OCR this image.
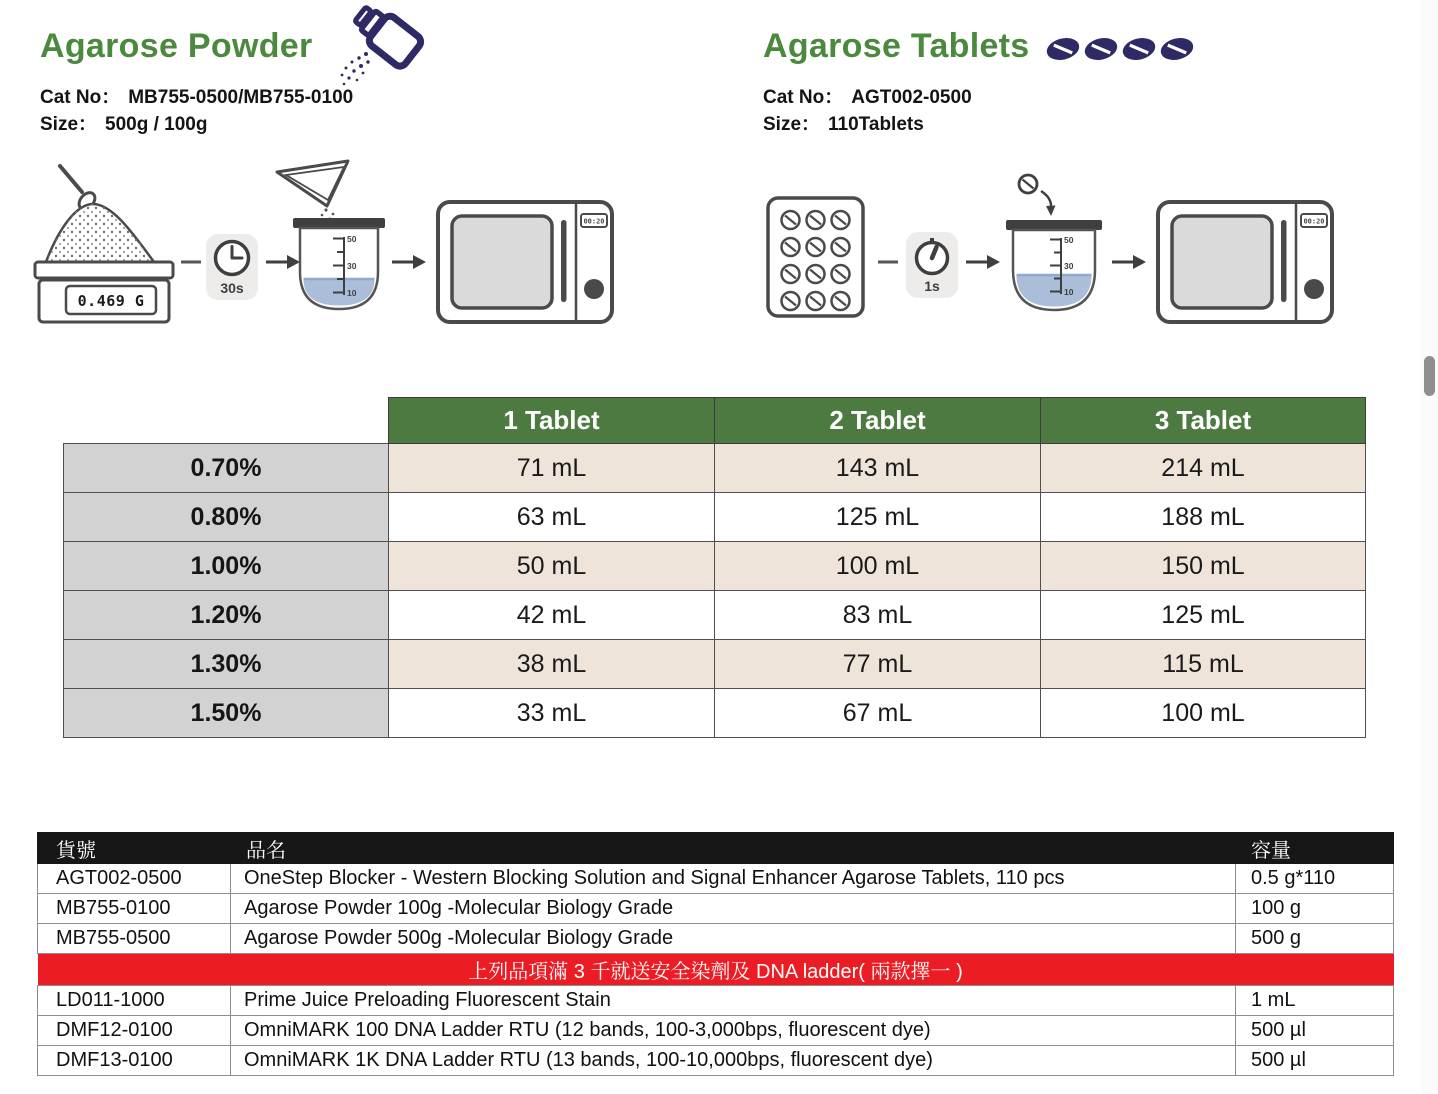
Agarose Powder
Cat No： MB755-0500/MB755-0100
Size： 500g / 100g
Agarose Tablets
Cat No： AGT002-0500
Size： 110Tablets
0.469 G
30s
50
30
10
00:20
1s
50
30
10
00:20
	1 Tablet	2 Tablet	3 Tablet
0.70%	71 mL	143 mL	214 mL
0.80%	63 mL	125 mL	188 mL
1.00%	50 mL	100 mL	150 mL
1.20%	42 mL	83 mL	125 mL
1.30%	38 mL	77 mL	115 mL
1.50%	33 mL	67 mL	100 mL
貨號	品名	容量
AGT002-0500	OneStep Blocker - Western Blocking Solution and Signal Enhancer Agarose Tablets, 110 pcs	0.5 g*110
MB755-0100	Agarose Powder 100g -Molecular Biology Grade	100 g
MB755-0500	Agarose Powder 500g -Molecular Biology Grade	500 g
上列品項滿 3 千就送安全染劑及 DNA ladder( 兩款擇一 )		
LD011-1000	Prime Juice Preloading Fluorescent Stain	1 mL
DMF12-0100	OmniMARK 100 DNA Ladder RTU (12 bands, 100-3,000bps, fluorescent dye)	500 µl
DMF13-0100	OmniMARK 1K DNA Ladder RTU (13 bands, 100-10,000bps, fluorescent dye)	500 µl
